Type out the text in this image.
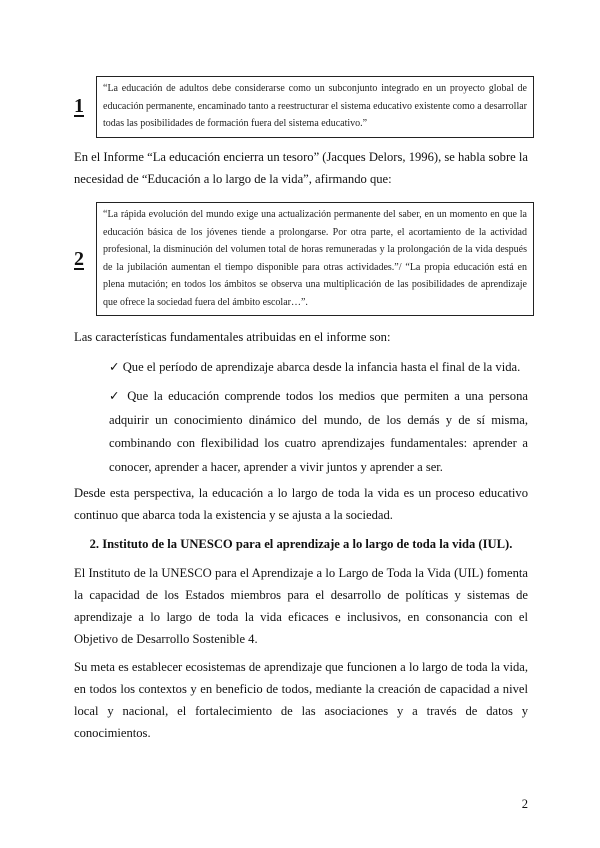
1
“La educación de adultos debe considerarse como un subconjunto integrado en un proyecto global de educación permanente, encaminado tanto a reestructurar el sistema educativo existente como a desarrollar todas las posibilidades de formación fuera del sistema educativo.”

En el Informe “La educación encierra un tesoro” (Jacques Delors, 1996), se habla sobre la necesidad de “Educación a lo largo de la vida”, afirmando que:

2
“La rápida evolución del mundo exige una actualización permanente del saber, en un momento en que la educación básica de los jóvenes tiende a prolongarse. Por otra parte, el acortamiento de la actividad profesional, la disminución del volumen total de horas remuneradas y la prolongación de la vida después de la jubilación aumentan el tiempo disponible para otras actividades.”/ “La propia educación está en plena mutación; en todos los ámbitos se observa una multiplicación de las posibilidades de aprendizaje que ofrece la sociedad fuera del ámbito escolar…”.

Las características fundamentales atribuidas en el informe son:

✓ Que el período de aprendizaje abarca desde la infancia hasta el final de la vida.

✓ Que la educación comprende todos los medios que permiten a una persona adquirir un conocimiento dinámico del mundo, de los demás y de sí misma, combinando con flexibilidad los cuatro aprendizajes fundamentales: aprender a conocer, aprender a hacer, aprender a vivir juntos y aprender a ser.

Desde esta perspectiva, la educación a lo largo de toda la vida es un proceso educativo continuo que abarca toda la existencia y se ajusta a la sociedad.

2. Instituto de la UNESCO para el aprendizaje a lo largo de toda la vida (IUL).

El Instituto de la UNESCO para el Aprendizaje a lo Largo de Toda la Vida (UIL) fomenta la capacidad de los Estados miembros para el desarrollo de políticas y sistemas de aprendizaje a lo largo de toda la vida eficaces e inclusivos, en consonancia con el Objetivo de Desarrollo Sostenible 4.

Su meta es establecer ecosistemas de aprendizaje que funcionen a lo largo de toda la vida, en todos los contextos y en beneficio de todos, mediante la creación de capacidad a nivel local y nacional, el fortalecimiento de las asociaciones y a través de datos y conocimientos.

2
